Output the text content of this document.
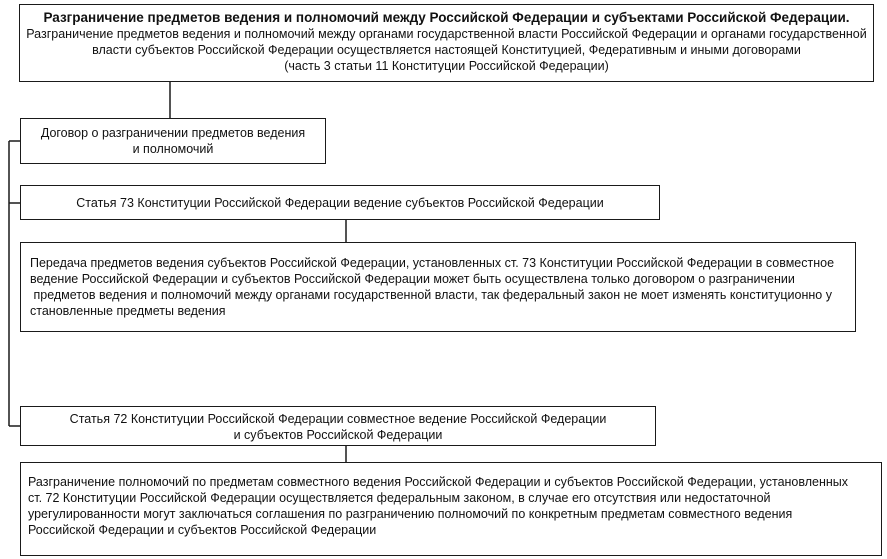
Разграничение предметов ведения и полномочий между Российской Федерации и субъектами Российской Федерации.
Разграничение предметов ведения и полномочий между органами государственной власти Российской Федерации и органами государственной
власти субъектов Российской Федерации осуществляется настоящей Конституцией, Федеративным и иными договорами
(часть 3 статьи 11 Конституции Российской Федерации)
Договор о разграничении предметов ведения
и полномочий
Статья 73 Конституции Российской Федерации ведение субъектов Российской Федерации
Передача предметов ведения субъектов Российской Федерации, установленных ст. 73 Конституции Российской Федерации в совместное
ведение Российской Федерации и субъектов Российской Федерации может быть осуществлена только договором о разграничении
предметов ведения и полномочий между органами государственной власти, так федеральный закон не моет изменять конституционно у
становленные предметы ведения
Статья 72 Конституции Российской Федерации совместное ведение Российской Федерации
и субъектов Российской Федерации
Разграничение полномочий по предметам совместного ведения Российской Федерации и субъектов Российской Федерации, установленных
ст. 72 Конституции Российской Федерации осуществляется федеральным законом, в случае его отсутствия или недостаточной
урегулированности могут заключаться соглашения по разграничению полномочий по конкретным предметам совместного ведения
Российской Федерации и субъектов Российской Федерации
